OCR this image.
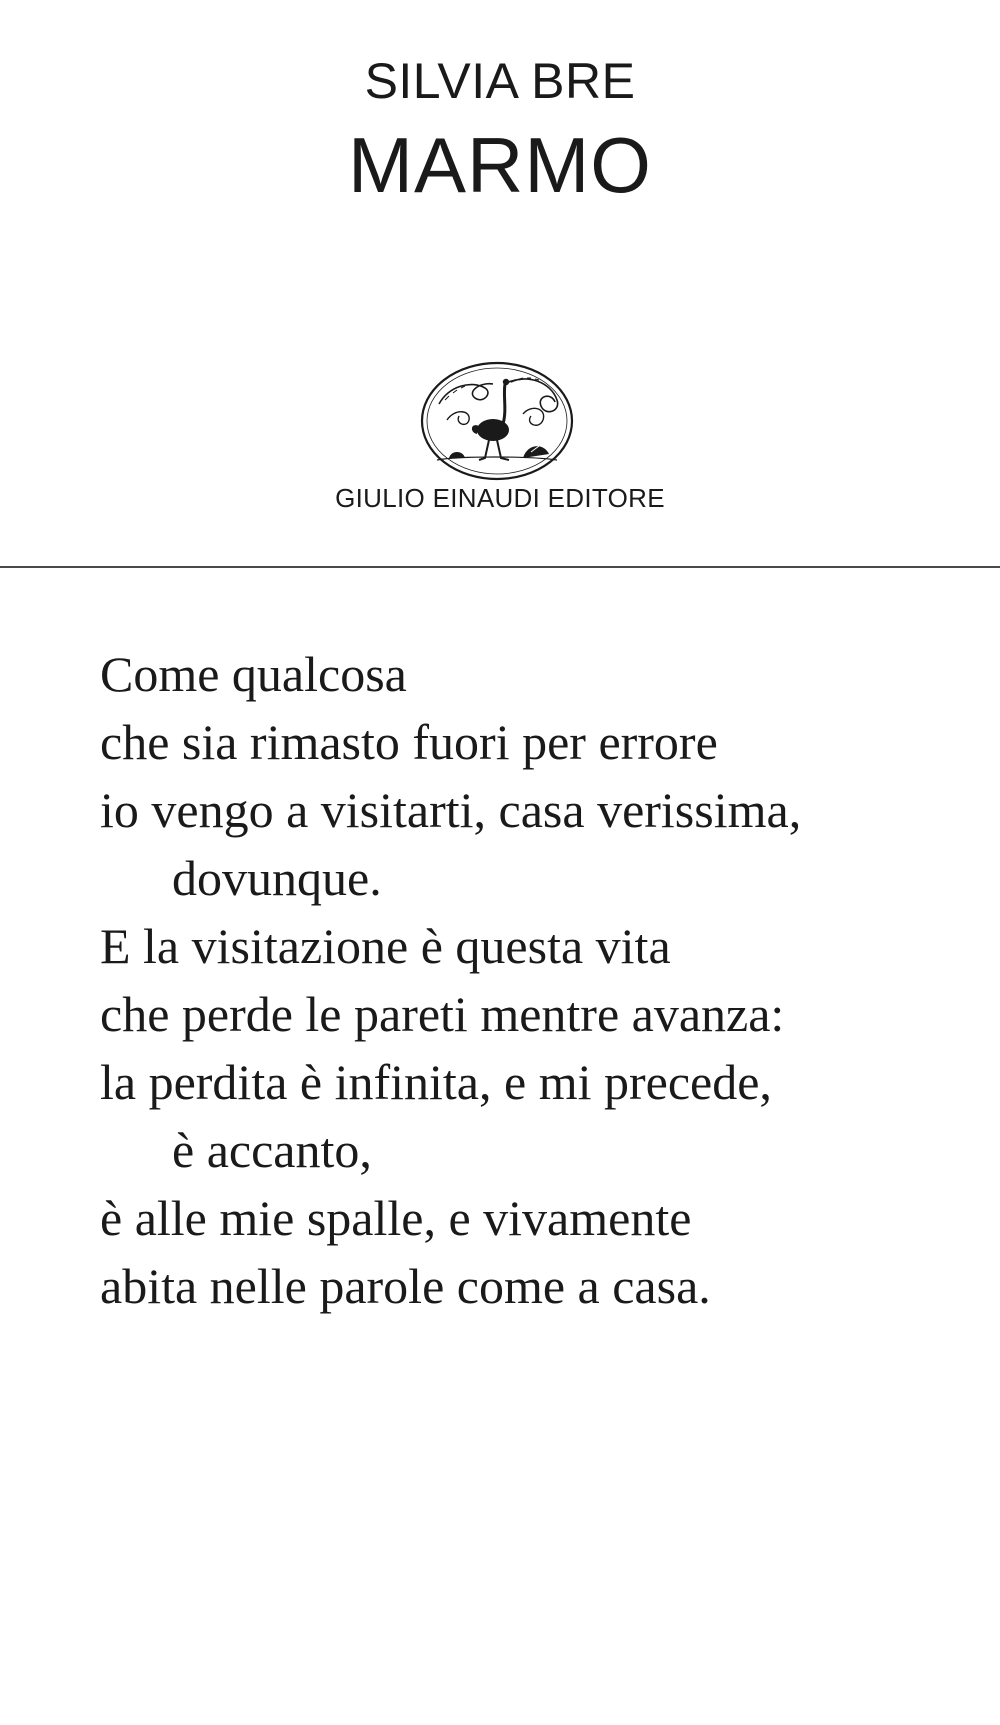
SILVIA BRE
MARMO
GIULIO EINAUDI EDITORE
Come qualcosa
che sia rimasto fuori per errore
io vengo a visitarti, casa verissima,
dovunque.
E la visitazione è questa vita
che perde le pareti mentre avanza:
la perdita è infinita, e mi precede,
è accanto,
è alle mie spalle, e vivamente
abita nelle parole come a casa.
